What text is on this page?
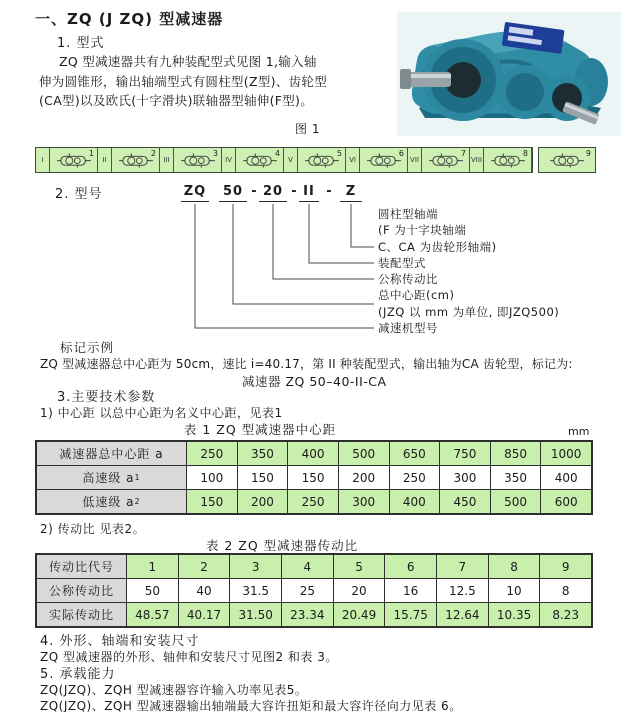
一、ZQ (J ZQ) 型减速器
1. 型式
ZQ 型减速器共有九种装配型式见图 1,输入轴
伸为圆锥形，输出轴端型式有圆柱型(Z型)、齿轮型
(CA型)以及欧氏(十字滑块)联轴器型轴伸(F型)。
图 1
I
1
II
2
III
3
IV
4
V
5
VI
6
VII
7
VIII
8	9
2. 型号	ZQ	50 - 20 - II -	Z
圆柱型轴端
(F 为十字块轴端
C、CA 为齿轮形轴端)
装配型式
公称传动比
总中心距(cm)
(JZQ 以 mm 为单位, 即JZQ500)
减速机型号
标记示例
ZQ 型减速器总中心距为 50cm，速比 i=40.17，第 II 种装配型式，输出轴为CA 齿轮型，标记为:
减速器 ZQ 50–40-II-CA
3.主要技术参数
1) 中心距 以总中心距为名义中心距，见表1
表 1 ZQ 型减速器中心距	mm
减速器总中心距 a	250	350	400	500	650	750	850	1000
高速级 a 1	100	150	150	200	250	300	350	400
低速级 a 2	150	200	250	300	400	450	500	600
2) 传动比 见表2。
表 2 ZQ 型减速器传动比
传动比代号	1	2	3	4	5	6	7	8	9
公称传动比	50	40	31.5	25	20	16	12.5	10	8
实际传动比	48.57	40.17	31.50	23.34	20.49	15.75	12.64	10.35	8.23
4. 外形、轴端和安装尺寸
ZQ 型减速器的外形、轴伸和安装尺寸见图2 和表 3。
5. 承载能力
ZQ(JZQ)、ZQH 型减速器容许输入功率见表5。
ZQ(JZQ)、ZQH 型减速器输出轴端最大容许扭矩和最大容许径向力见表 6。
